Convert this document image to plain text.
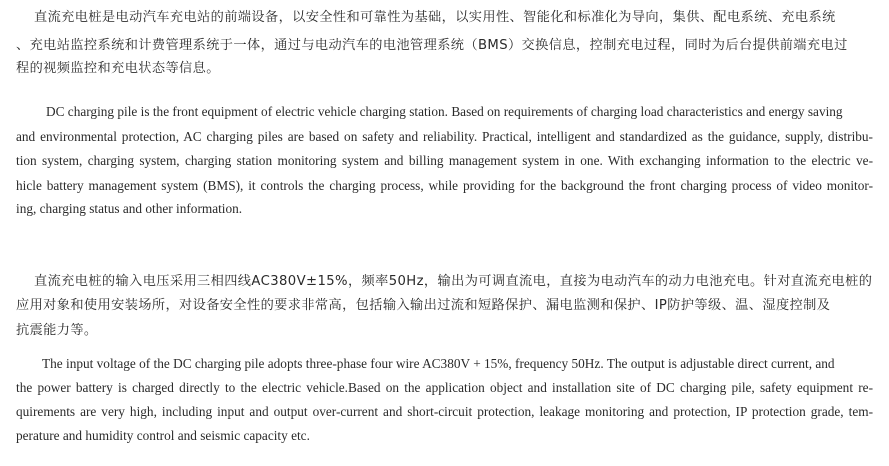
直流充电桩是电动汽车充电站的前端设备，以安全性和可靠性为基础，以实用性、智能化和标准化为导向，集供、配电系统、充电系统
、充电站监控系统和计费管理系统于一体，通过与电动汽车的电池管理系统（BMS）交换信息，控制充电过程，同时为后台提供前端充电过
程的视频监控和充电状态等信息。
DC charging pile is the front equipment of electric vehicle charging station. Based on requirements of charging load characteristics and energy saving
and environmental protection, AC charging piles are based on safety and reliability. Practical, intelligent and standardized as the guidance, supply, distribu-
tion system, charging system, charging station monitoring system and billing management system in one. With exchanging information to the electric ve-
hicle battery management system (BMS), it controls the charging process, while providing for the background the front charging process of video monitor-
ing, charging status and other information.
直流充电桩的输入电压采用三相四线AC380V±15%，频率50Hz，输出为可调直流电，直接为电动汽车的动力电池充电。针对直流充电桩的
应用对象和使用安装场所，对设备安全性的要求非常高，包括输入输出过流和短路保护、漏电监测和保护、IP防护等级、温、湿度控制及
抗震能力等。
The input voltage of the DC charging pile adopts three-phase four wire AC380V + 15%, frequency 50Hz. The output is adjustable direct current, and
the power battery is charged directly to the electric vehicle.Based on the application object and installation site of DC charging pile, safety equipment re-
quirements are very high, including input and output over-current and short-circuit protection, leakage monitoring and protection, IP protection grade, tem-
perature and humidity control and seismic capacity etc.
